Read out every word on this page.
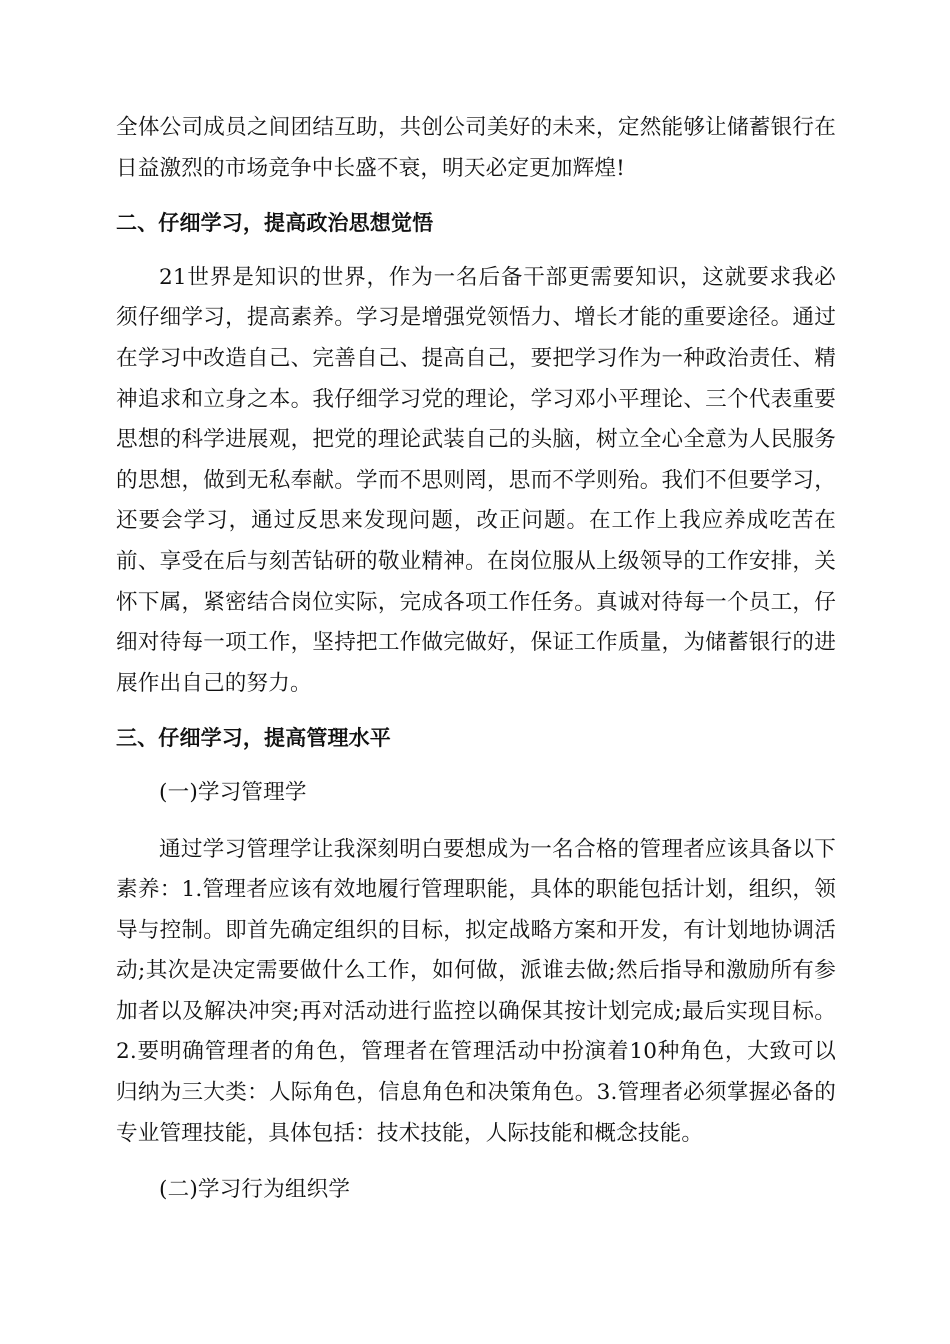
全体公司成员之间团结互助，共创公司美好的未来，定然能够让储蓄银行在日益激烈的市场竞争中长盛不衰，明天必定更加辉煌!

二、仔细学习，提高政治思想觉悟

21世界是知识的世界，作为一名后备干部更需要知识，这就要求我必须仔细学习，提高素养。学习是增强党领悟力、增长才能的重要途径。通过在学习中改造自己、完善自己、提高自己，要把学习作为一种政治责任、精神追求和立身之本。我仔细学习党的理论，学习邓小平理论、三个代表重要思想的科学进展观，把党的理论武装自己的头脑，树立全心全意为人民服务的思想，做到无私奉献。学而不思则罔，思而不学则殆。我们不但要学习，还要会学习，通过反思来发现问题，改正问题。在工作上我应养成吃苦在前、享受在后与刻苦钻研的敬业精神。在岗位服从上级领导的工作安排，关怀下属，紧密结合岗位实际，完成各项工作任务。真诚对待每一个员工，仔细对待每一项工作，坚持把工作做完做好，保证工作质量，为储蓄银行的进展作出自己的努力。

三、仔细学习，提高管理水平

(一)学习管理学

通过学习管理学让我深刻明白要想成为一名合格的管理者应该具备以下素养：1.管理者应该有效地履行管理职能，具体的职能包括计划，组织，领导与控制。即首先确定组织的目标，拟定战略方案和开发，有计划地协调活动;其次是决定需要做什么工作，如何做，派谁去做;然后指导和激励所有参加者以及解决冲突;再对活动进行监控以确保其按计划完成;最后实现目标。2.要明确管理者的角色，管理者在管理活动中扮演着10种角色，大致可以归纳为三大类：人际角色，信息角色和决策角色。3.管理者必须掌握必备的专业管理技能，具体包括：技术技能，人际技能和概念技能。

(二)学习行为组织学
